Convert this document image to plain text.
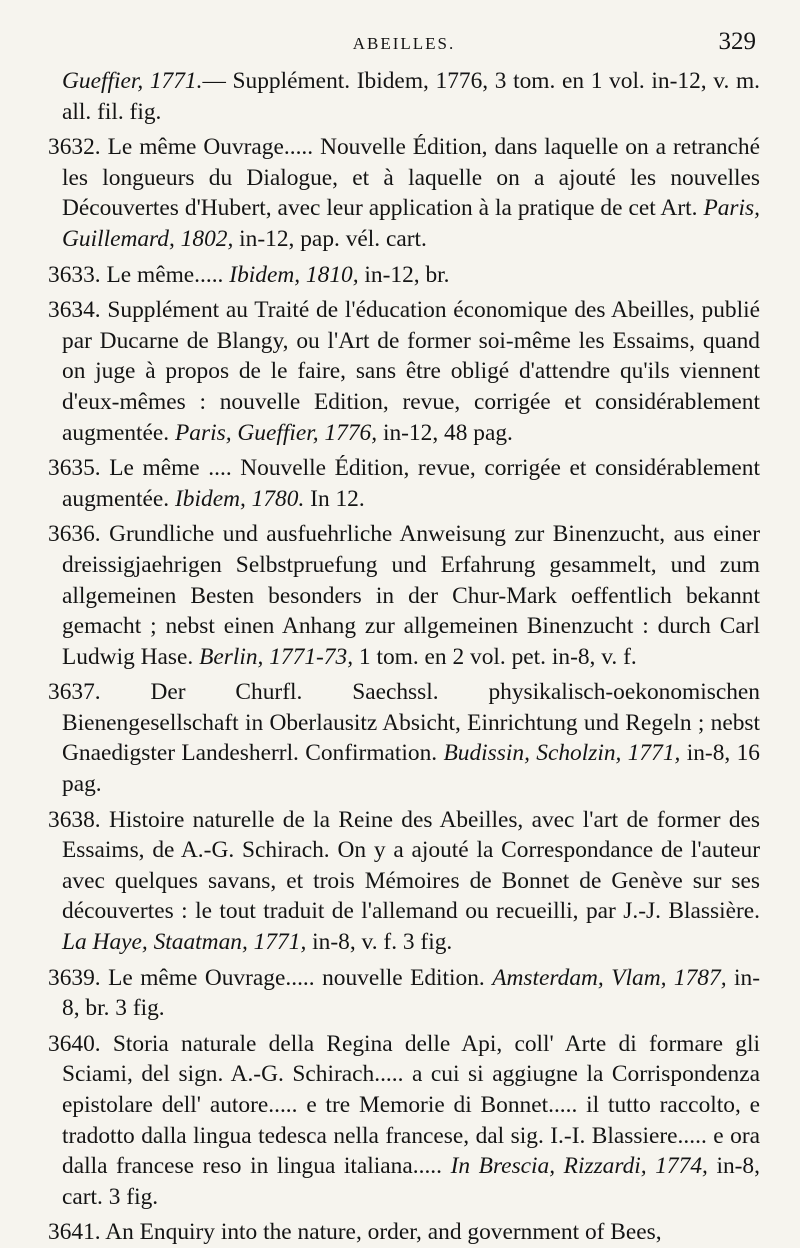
ABEILLES.	329

Gueffier, 1771.— Supplément. Ibidem, 1776, 3 tom. en 1 vol. in-12, v. m. all. fil. fig.

3632. Le même Ouvrage..... Nouvelle Édition, dans laquelle on a retranché les longueurs du Dialogue, et à laquelle on a ajouté les nouvelles Découvertes d'Hubert, avec leur application à la pratique de cet Art. Paris, Guillemard, 1802, in-12, pap. vél. cart.

3633. Le même..... Ibidem, 1810, in-12, br.

3634. Supplément au Traité de l'éducation économique des Abeilles, publié par Ducarne de Blangy, ou l'Art de former soi-même les Essaims, quand on juge à propos de le faire, sans être obligé d'attendre qu'ils viennent d'eux-mêmes : nouvelle Edition, revue, corrigée et considérablement augmentée. Paris, Gueffier, 1776, in-12, 48 pag.

3635. Le même .... Nouvelle Édition, revue, corrigée et considérablement augmentée. Ibidem, 1780. In 12.

3636. Grundliche und ausfuehrliche Anweisung zur Binenzucht, aus einer dreissigjaehrigen Selbstpruefung und Erfahrung gesammelt, und zum allgemeinen Besten besonders in der Chur-Mark oeffentlich bekannt gemacht ; nebst einen Anhang zur allgemeinen Binenzucht : durch Carl Ludwig Hase. Berlin, 1771-73, 1 tom. en 2 vol. pet. in-8, v. f.

3637. Der Churfl. Saechssl. physikalisch-oekonomischen Bienengesellschaft in Oberlausitz Absicht, Einrichtung und Regeln ; nebst Gnaedigster Landesherrl. Confirmation. Budissin, Scholzin, 1771, in-8, 16 pag.

3638. Histoire naturelle de la Reine des Abeilles, avec l'art de former des Essaims, de A.-G. Schirach. On y a ajouté la Correspondance de l'auteur avec quelques savans, et trois Mémoires de Bonnet de Genève sur ses découvertes : le tout traduit de l'allemand ou recueilli, par J.-J. Blassière. La Haye, Staatman, 1771, in-8, v. f. 3 fig.

3639. Le même Ouvrage..... nouvelle Edition. Amsterdam, Vlam, 1787, in-8, br. 3 fig.

3640. Storia naturale della Regina delle Api, coll' Arte di formare gli Sciami, del sign. A.-G. Schirach..... a cui si aggiugne la Corrispondenza epistolare dell' autore..... e tre Memorie di Bonnet..... il tutto raccolto, e tradotto dalla lingua tedesca nella francese, dal sig. I.-I. Blassiere..... e ora dalla francese reso in lingua italiana..... In Brescia, Rizzardi, 1774, in-8, cart. 3 fig.

3641. An Enquiry into the nature, order, and government of Bees,
